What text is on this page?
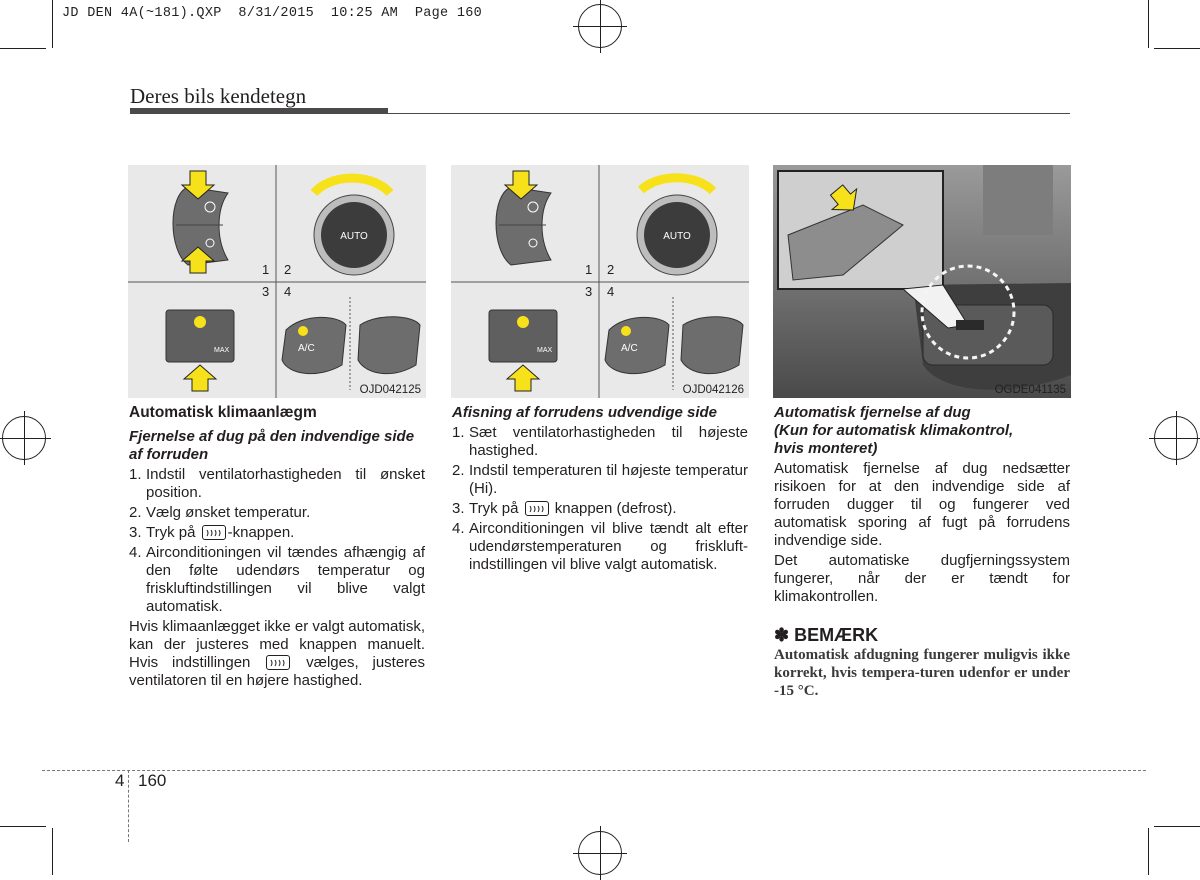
JD DEN 4A(~181).QXP  8/31/2015  10:25 AM  Page 160
Deres bils kendetegn
AUTO
1 2
3 4
MAX	A/C
OJD042125
AUTO
1 2
3 4
MAX	A/C
OJD042126	OGDE041135
Automatisk klimaanlægm
Fjernelse af dug på den indvendige side af forruden
1. Indstil ventilatorhastigheden til ønsket position.
2. Vælg ønsket temperatur.
3. Tryk på -knappen.
4. Airconditioningen vil tændes afhængig af den følte udendørs temperatur og friskluftindstillingen vil blive valgt automatisk.
Hvis klimaanlægget ikke er valgt automatisk, kan der justeres med knappen manuelt. Hvis indstillingen	vælges, justeres ventilatoren til en højere hastighed.
Afisning af forrudens udvendige side
1. Sæt ventilatorhastigheden til højeste hastighed.
2. Indstil temperaturen til højeste temperatur (Hi).
3. Tryk på knappen (defrost).
4. Airconditioningen vil blive tændt alt efter udendørstemperaturen og friskluft-indstillingen vil blive valgt automatisk.
Automatisk fjernelse af dug
(Kun for automatisk klimakontrol,
hvis monteret)
Automatisk fjernelse af dug nedsætter risikoen for at den indvendige side af forruden dugger til og fungerer ved automatisk sporing af fugt på forrudens indvendige side.
Det automatiske dugfjerningssystem fungerer, når der er tændt for klimakontrollen.
✽ BEMÆRK
Automatisk afdugning fungerer muligvis ikke korrekt, hvis tempera-turen udenfor er under -15 °C.
4 160
